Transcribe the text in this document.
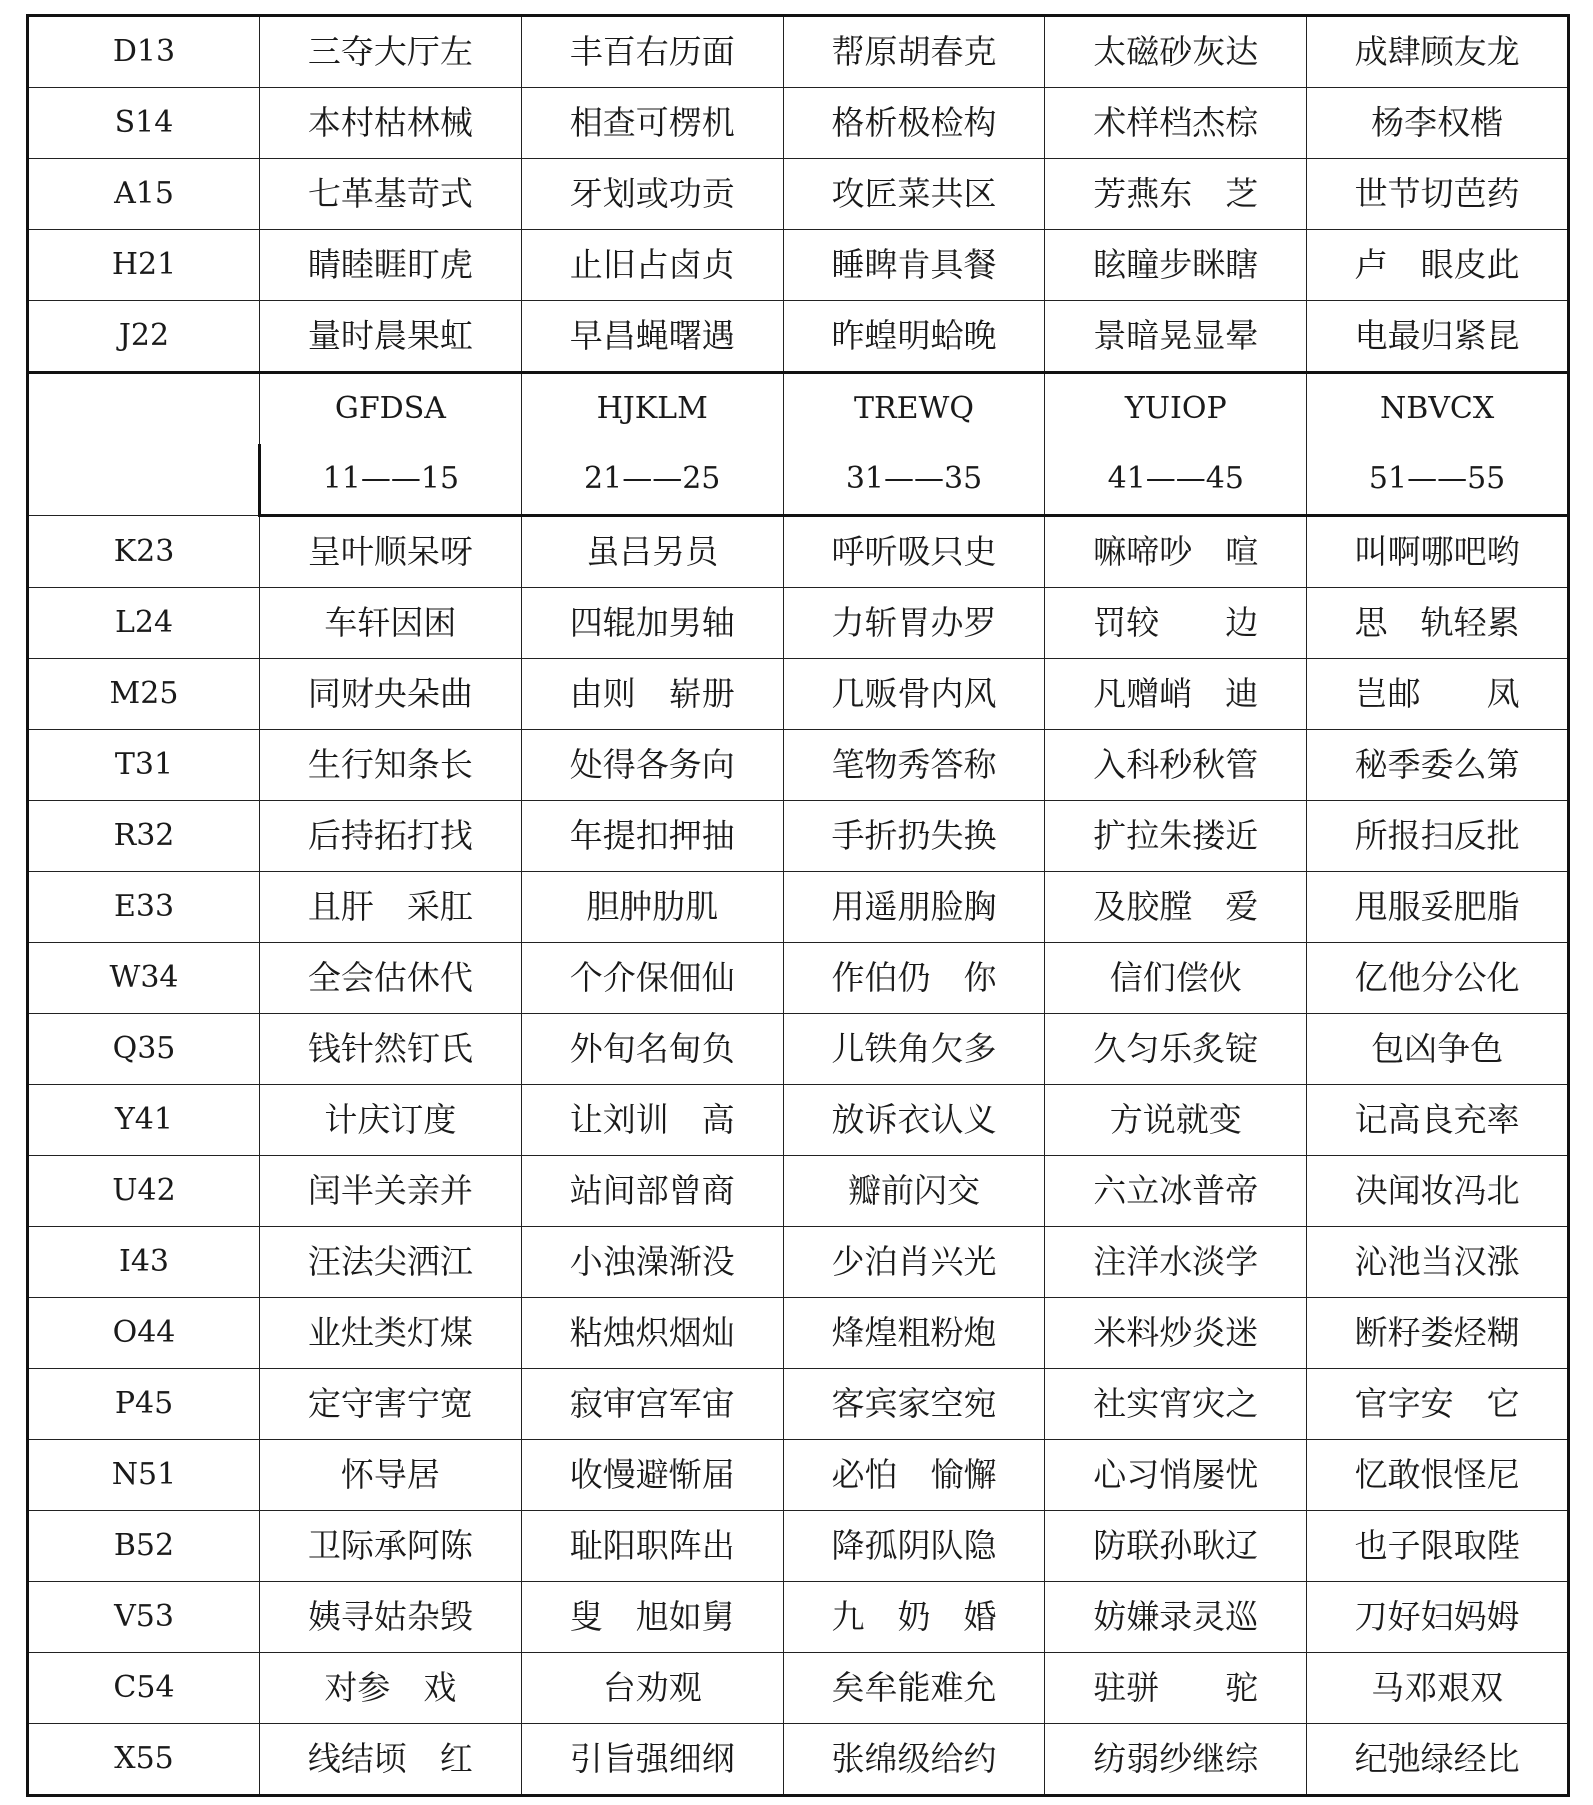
D13	三夺大厅左	丰百右历面	帮原胡春克	太磁砂灰达	成肆顾友龙
S14	本村枯林械	相查可楞机	格析极检构	术样档杰棕	杨李权楷
A15	七革基苛式	牙划或功贡	攻匠菜共区	芳燕东　芝	世节切芭药
H21	睛睦睚盯虎	止旧占卤贞	睡睥肯具餐	眩瞳步眯瞎	卢　眼皮此
J22	量时晨果虹	早昌蝇曙遇	昨蝗明蛤晚	景暗晃显晕	电最归紧昆
	GFDSA	HJKLM	TREWQ	YUIOP	NBVCX
	11——15	21——25	31——35	41——45	51——55
K23	呈叶顺呆呀	虽吕另员	呼听吸只史	嘛啼吵　喧	叫啊哪吧哟
L24	车轩因困	四辊加男轴	力斩胃办罗	罚较　　边	思　轨轻累
M25	同财央朵曲	由则　崭册	几贩骨内风	凡赠峭　迪	岂邮　　凤
T31	生行知条长	处得各务向	笔物秀答称	入科秒秋管	秘季委么第
R32	后持拓打找	年提扣押抽	手折扔失换	扩拉朱搂近	所报扫反批
E33	且肝　采肛	胆肿肋肌	用遥朋脸胸	及胶膛　爱	甩服妥肥脂
W34	全会估休代	个介保佃仙	作伯仍　你	信们偿伙	亿他分公化
Q35	钱针然钉氏	外旬名甸负	儿铁角欠多	久匀乐炙锭	包凶争色
Y41	计庆订度	让刘训　高	放诉衣认义	方说就变	记高良充率
U42	闰半关亲并	站间部曾商	瓣前闪交	六立冰普帝	决闻妆冯北
I43	汪法尖洒江	小浊澡渐没	少泊肖兴光	注洋水淡学	沁池当汉涨
O44	业灶类灯煤	粘烛炽烟灿	烽煌粗粉炮	米料炒炎迷	断籽娄烃糊
P45	定守害宁宽	寂审宫军宙	客宾家空宛	社实宵灾之	官字安　它
N51	怀导居	收慢避惭届	必怕　愉懈	心习悄屡忧	忆敢恨怪尼
B52	卫际承阿陈	耻阳职阵出	降孤阴队隐	防联孙耿辽	也子限取陛
V53	姨寻姑杂毁	叟　旭如舅	九　奶　婚	妨嫌录灵巡	刀好妇妈姆
C54	对参　戏	台劝观	矣牟能难允	驻骈　　驼	马邓艰双
X55	线结顷　红	引旨强细纲	张绵级给约	纺弱纱继综	纪弛绿经比
